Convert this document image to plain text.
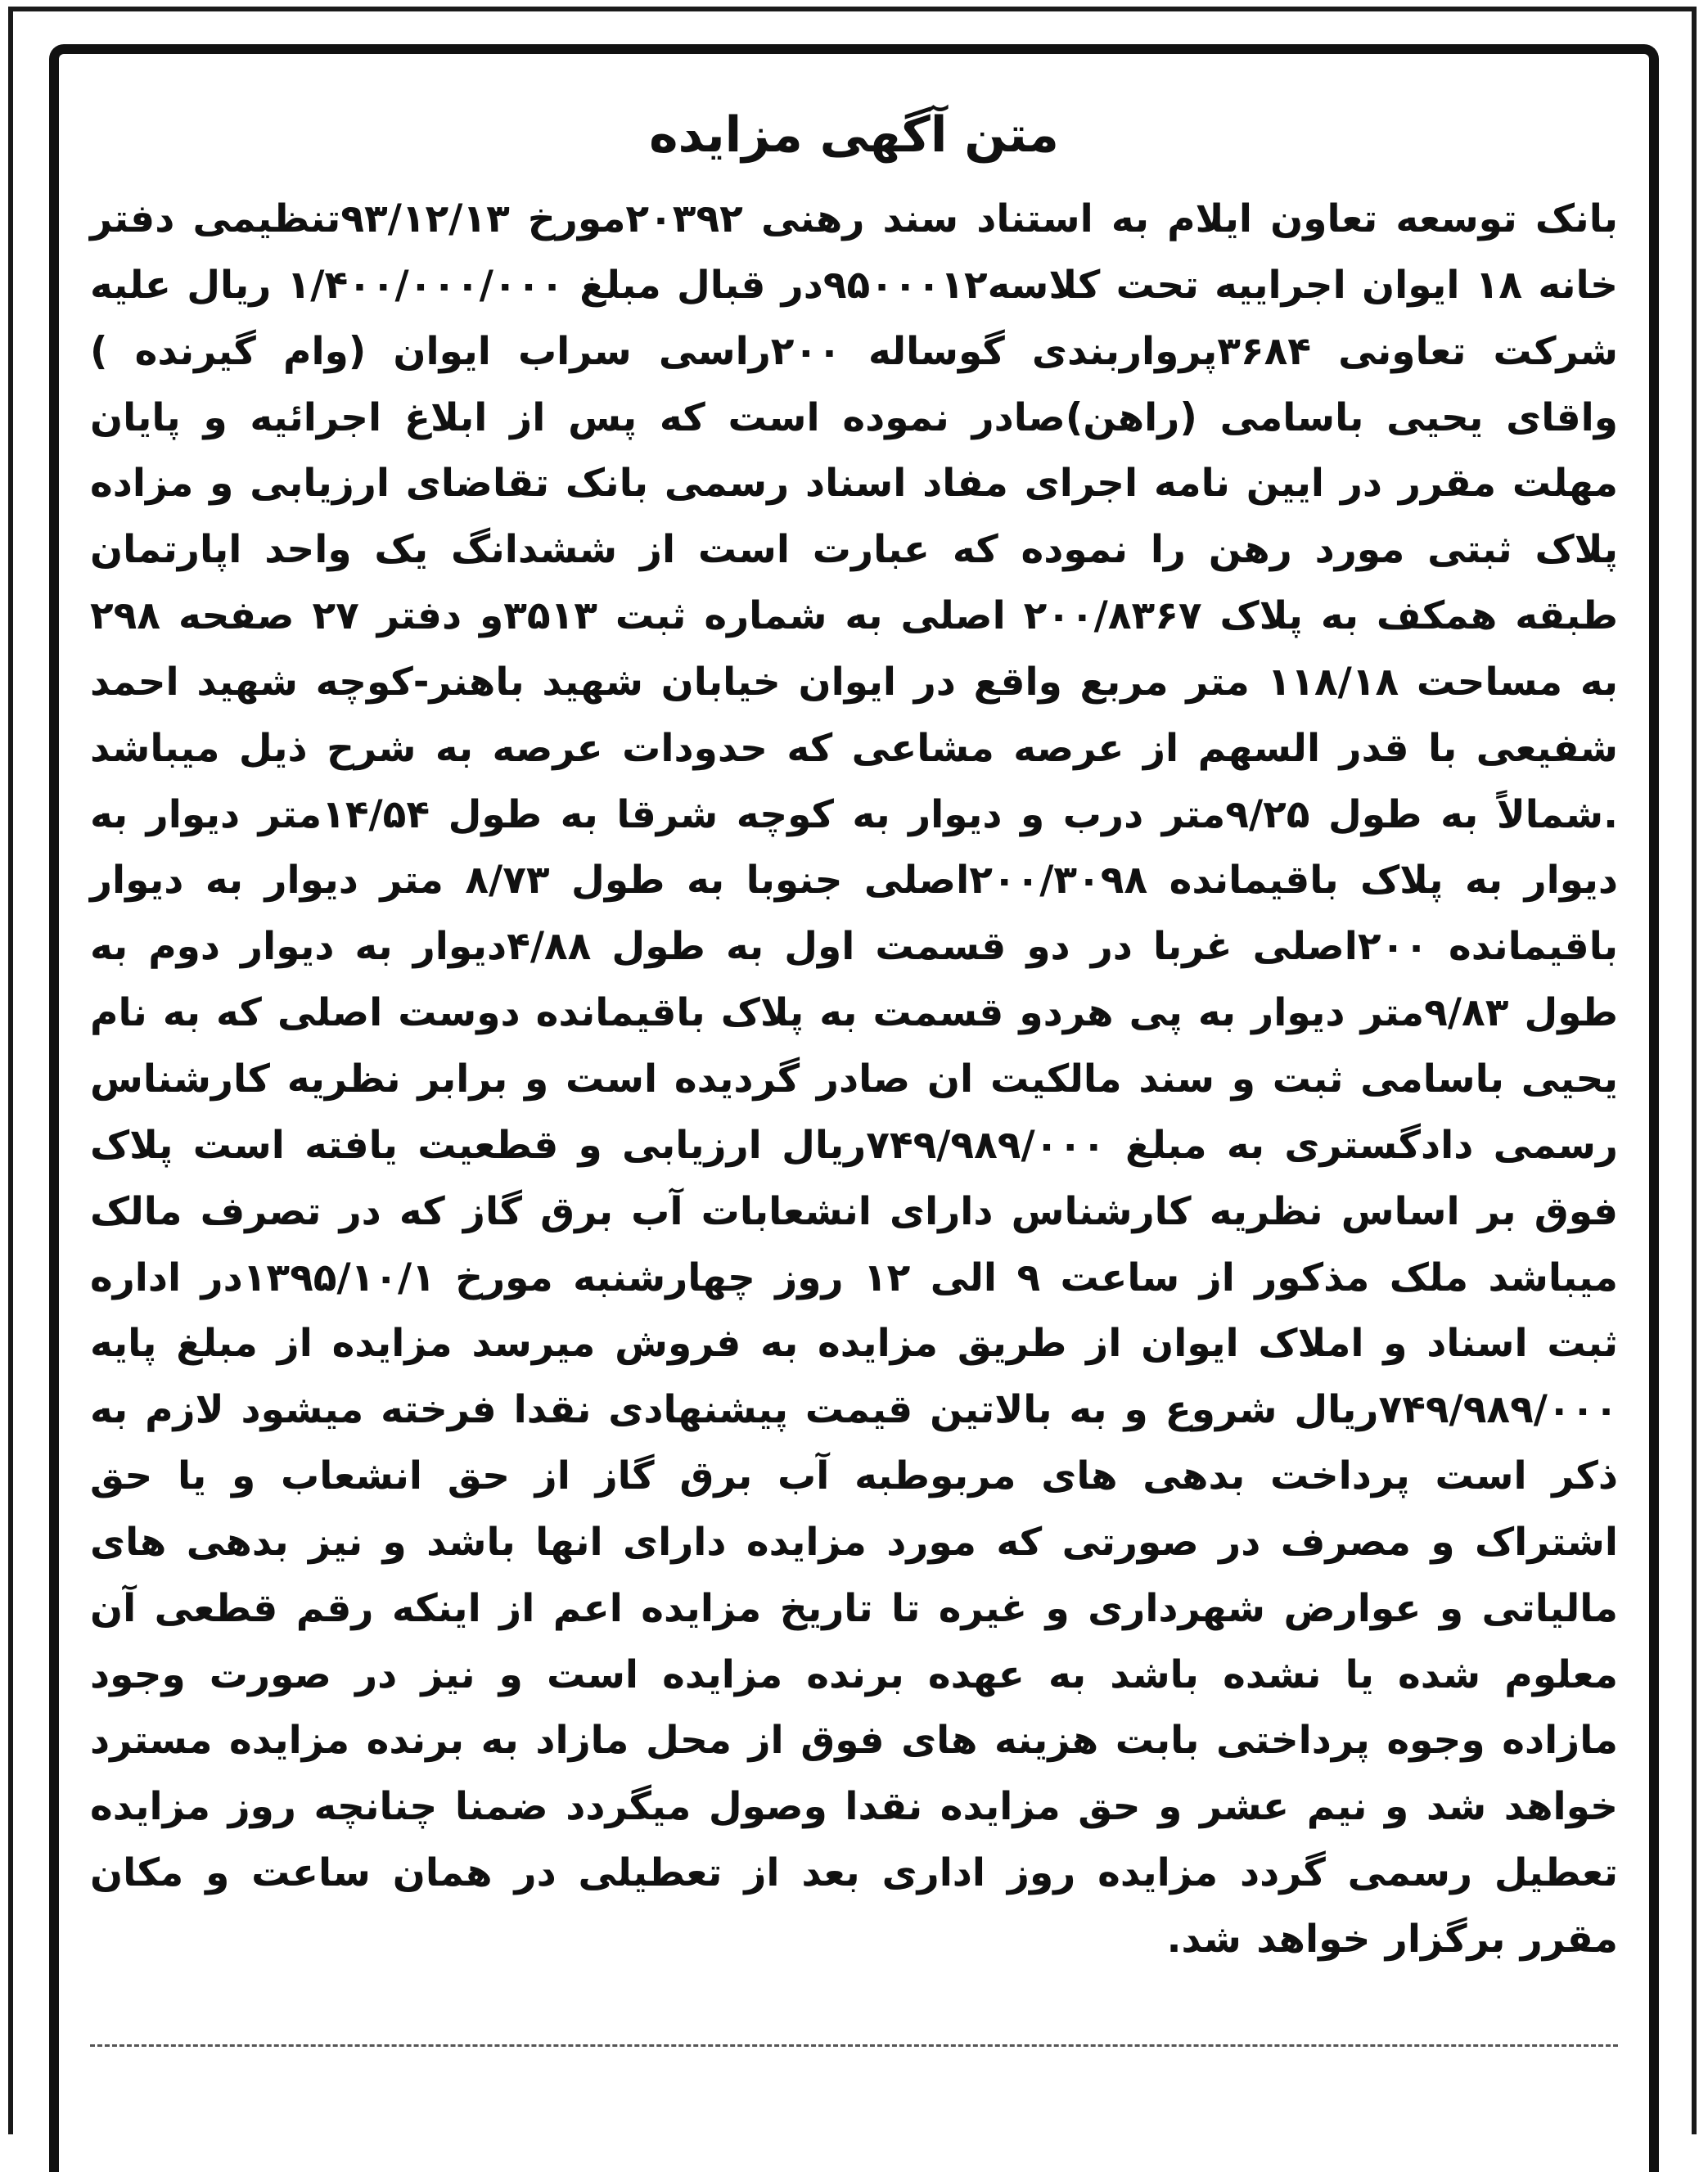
متن آگهی مزایده
بانک توسعه تعاون ایلام به استناد سند رهنی ۲۰۳۹۲مورخ ۹۳/۱۲/۱۳تنظیمی دفتر خانه ۱۸ ایوان اجراییه تحت کلاسه۹۵۰۰۰۱۲در قبال مبلغ ۱/۴۰۰/۰۰۰/۰۰۰ ریال علیه شرکت تعاونی ۳۶۸۴پرواربندی گوساله ۲۰۰راسی سراب ایوان (وام گیرنده ) واقای یحیی باسامی (راهن)صادر نموده است که پس از ابلاغ اجرائیه و پایان مهلت مقرر در ایین نامه اجرای مفاد اسناد رسمی بانک تقاضای ارزیابی و مزاده پلاک ثبتی مورد رهن را نموده که عبارت است از ششدانگ یک واحد اپارتمان طبقه همکف به پلاک ۲۰۰/۸۳۶۷ اصلی به شماره ثبت ۳۵۱۳و دفتر ۲۷ صفحه ۲۹۸ به مساحت ۱۱۸/۱۸ متر مربع واقع در ایوان خیابان شهید باهنر-کوچه شهید احمد شفیعی با قدر السهم از عرصه مشاعی که حدودات عرصه به شرح ذیل میباشد .شمالاً به طول ۹/۲۵متر درب و دیوار به کوچه شرقا به طول ۱۴/۵۴متر دیوار به دیوار به پلاک باقیمانده ۲۰۰/۳۰۹۸اصلی جنوبا به طول ۸/۷۳ متر دیوار به دیوار باقیمانده ۲۰۰اصلی غربا در دو قسمت اول به طول ۴/۸۸دیوار به دیوار دوم به طول ۹/۸۳متر دیوار به پی هردو قسمت به پلاک باقیمانده دوست اصلی که به نام یحیی باسامی ثبت و سند مالکیت ان صادر گردیده است و برابر نظریه کارشناس رسمی دادگستری به مبلغ ۷۴۹/۹۸۹/۰۰۰ریال ارزیابی و قطعیت یافته است پلاک فوق بر اساس نظریه کارشناس دارای انشعابات آب برق گاز که در تصرف مالک میباشد ملک مذکور از ساعت ۹ الی ۱۲ روز چهارشنبه مورخ ۱۳۹۵/۱۰/۱در اداره ثبت اسناد و املاک ایوان از طریق مزایده به فروش میرسد مزایده از مبلغ پایه ۷۴۹/۹۸۹/۰۰۰ریال شروع و به بالاتین قیمت پیشنهادی نقدا فرخته میشود لازم به ذکر است پرداخت بدهی های مربوطبه آب برق گاز از حق انشعاب و یا حق اشتراک و مصرف در صورتی که مورد مزایده دارای انها باشد و نیز بدهی های مالیاتی و عوارض شهرداری و غیره تا تاریخ مزایده اعم از اینکه رقم قطعی آن معلوم شده یا نشده باشد به عهده برنده مزایده است و نیز در صورت وجود مازاده وجوه پرداختی بابت هزینه های فوق از محل مازاد به برنده مزایده مسترد خواهد شد و نیم عشر و حق مزایده نقدا وصول میگردد ضمنا چنانچه روز مزایده تعطیل رسمی گردد مزایده روز اداری بعد از تعطیلی در همان ساعت و مکان مقرر برگزار خواهد شد.
